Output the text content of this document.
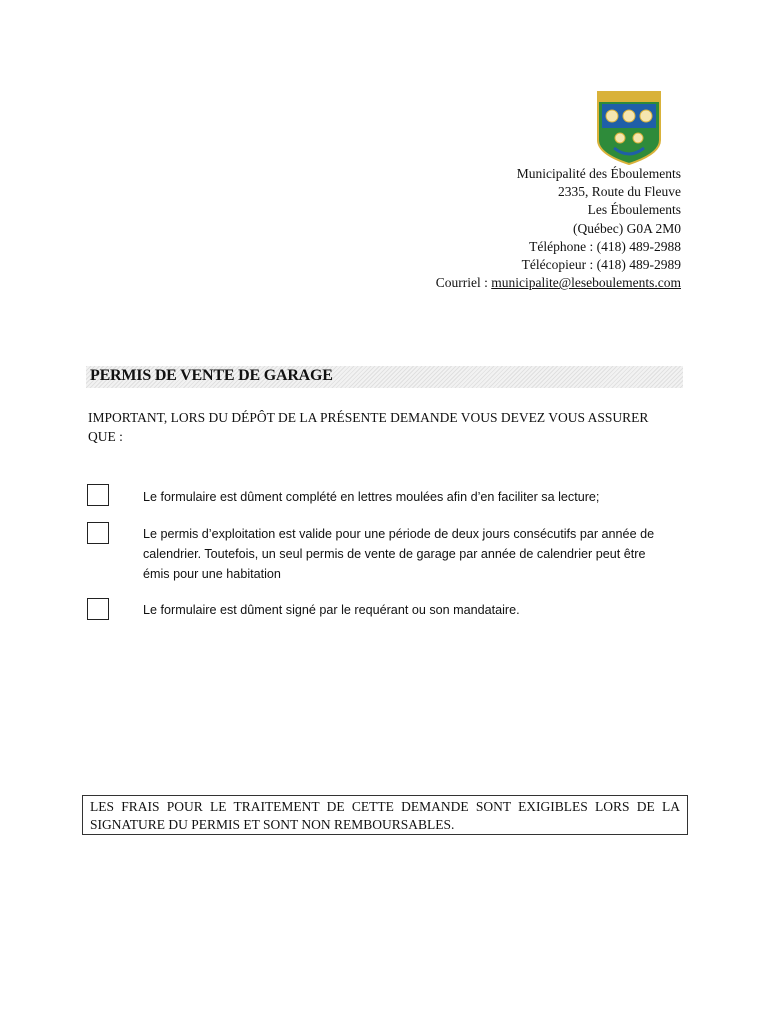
Municipalité des Éboulements
2335, Route du Fleuve
Les Éboulements
(Québec) G0A 2M0
Téléphone : (418) 489-2988
Télécopieur : (418) 489-2989
Courriel : municipalite@leseboulements.com
PERMIS DE VENTE DE GARAGE
IMPORTANT, LORS DU DÉPÔT DE LA PRÉSENTE DEMANDE VOUS DEVEZ VOUS ASSURER QUE :
Le formulaire est dûment complété en lettres moulées afin d’en faciliter sa lecture;
Le permis d’exploitation est valide pour une période de deux jours consécutifs par année de calendrier. Toutefois, un seul permis de vente de garage par année de calendrier peut être émis pour une habitation
Le formulaire est dûment signé par le requérant ou son mandataire.
LES FRAIS POUR LE TRAITEMENT DE CETTE DEMANDE SONT EXIGIBLES LORS DE LA SIGNATURE DU PERMIS ET SONT NON REMBOURSABLES.
